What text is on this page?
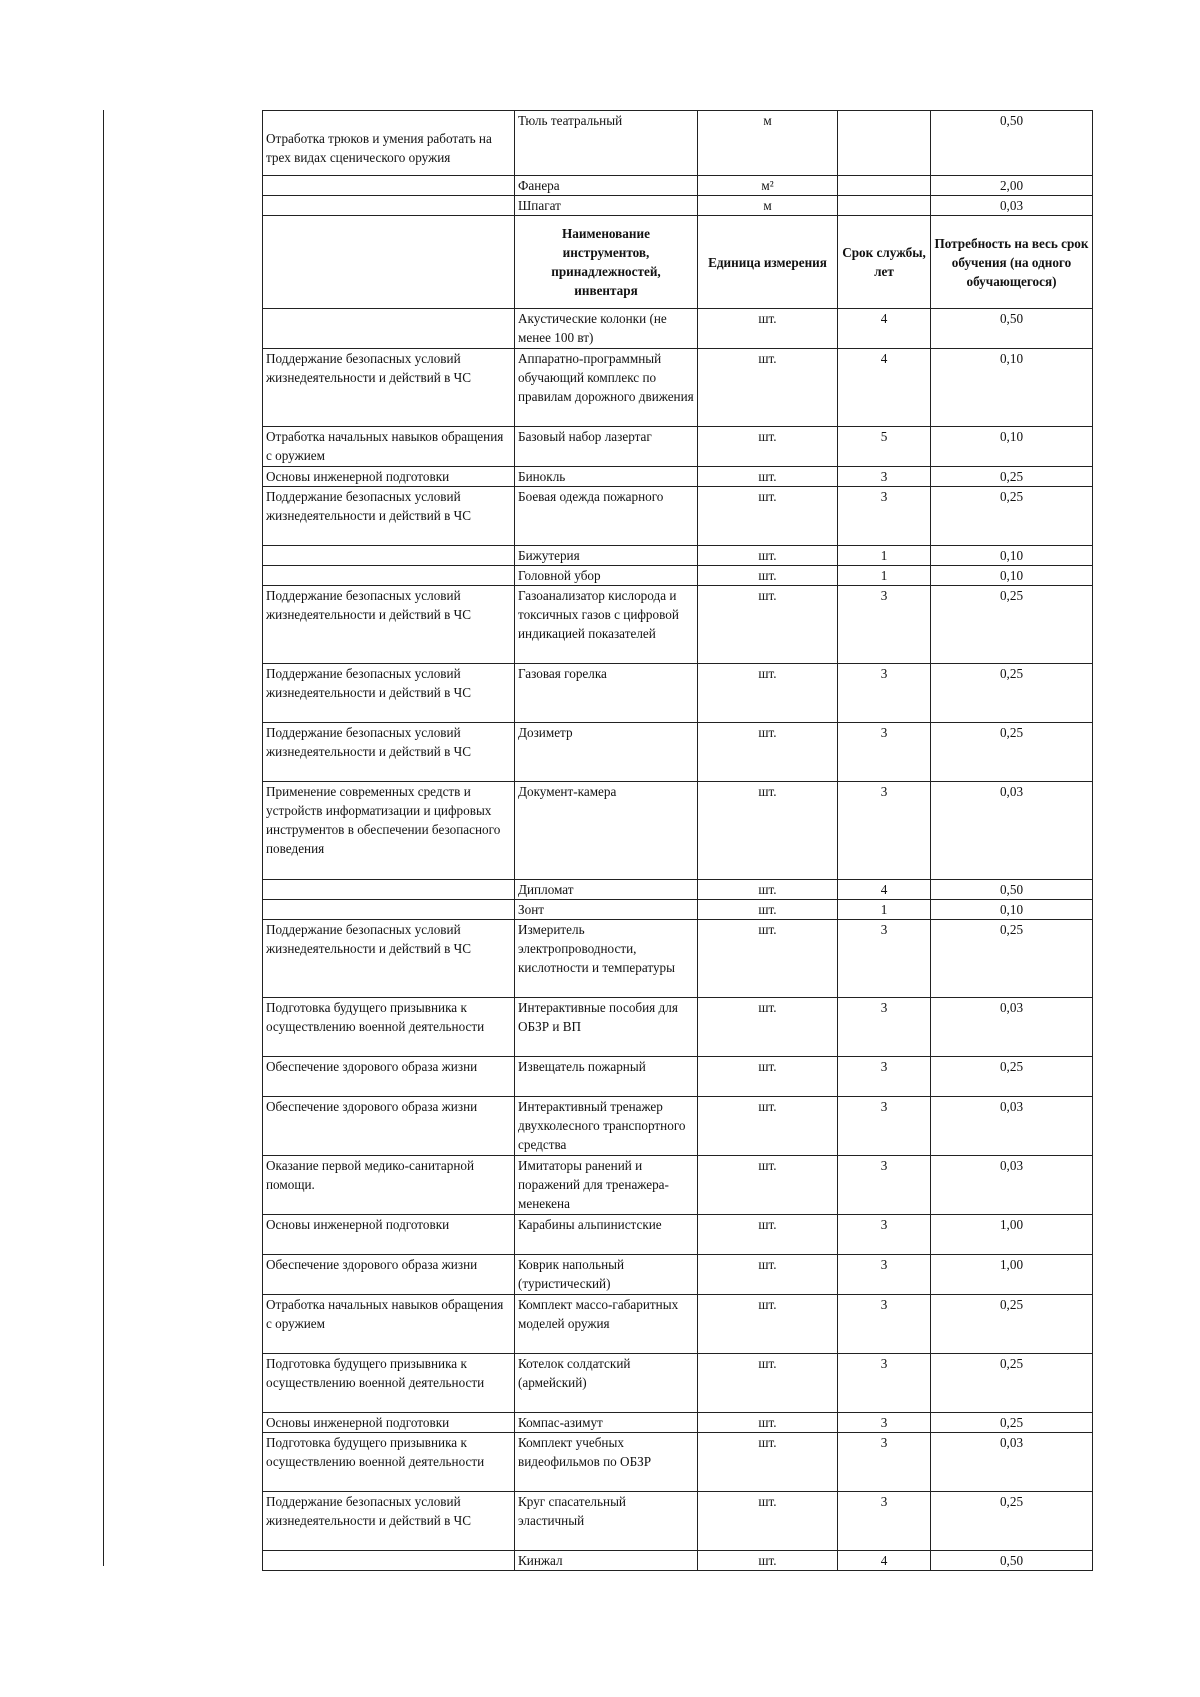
Отработка трюков и умения работать на трех видах сценического оружия	Тюль театральный	м		0,50
	Фанера	м²		2,00
	Шпагат	м		0,03
	Наименование инструментов, принадлежностей, инвентаря	Единица измерения	Срок службы, лет	Потребность на весь срок обучения (на одного обучающегося)
	Акустические колонки (не менее 100 вт)	шт.	4	0,50
Поддержание безопасных условий жизнедеятельности и действий в ЧС	Аппаратно-программный обучающий комплекс по правилам дорожного движения	шт.	4	0,10
Отработка начальных навыков обращения с оружием	Базовый набор лазертаг	шт.	5	0,10
Основы инженерной подготовки	Бинокль	шт.	3	0,25
Поддержание безопасных условий жизнедеятельности и действий в ЧС	Боевая одежда пожарного	шт.	3	0,25
	Бижутерия	шт.	1	0,10
	Головной убор	шт.	1	0,10
Поддержание безопасных условий жизнедеятельности и действий в ЧС	Газоанализатор кислорода и токсичных газов с цифровой индикацией показателей	шт.	3	0,25
Поддержание безопасных условий жизнедеятельности и действий в ЧС	Газовая горелка	шт.	3	0,25
Поддержание безопасных условий жизнедеятельности и действий в ЧС	Дозиметр	шт.	3	0,25
Применение современных средств и устройств информатизации и цифровых инструментов в обеспечении безопасного поведения	Документ-камера	шт.	3	0,03
	Дипломат	шт.	4	0,50
	Зонт	шт.	1	0,10
Поддержание безопасных условий жизнедеятельности и действий в ЧС	Измеритель электропроводности, кислотности и температуры	шт.	3	0,25
Подготовка будущего призывника к осуществлению военной деятельности	Интерактивные пособия для ОБЗР и ВП	шт.	3	0,03
Обеспечение здорового образа жизни	Извещатель пожарный	шт.	3	0,25
Обеспечение здорового образа жизни	Интерактивный тренажер двухколесного транспортного средства	шт.	3	0,03
Оказание первой медико-санитарной помощи.	Имитаторы ранений и поражений для тренажера-менекена	шт.	3	0,03
Основы инженерной подготовки	Карабины альпинистские	шт.	3	1,00
Обеспечение здорового образа жизни	Коврик напольный (туристический)	шт.	3	1,00
Отработка начальных навыков обращения с оружием	Комплект массо-габаритных моделей оружия	шт.	3	0,25
Подготовка будущего призывника к осуществлению военной деятельности	Котелок солдатский (армейский)	шт.	3	0,25
Основы инженерной подготовки	Компас-азимут	шт.	3	0,25
Подготовка будущего призывника к осуществлению военной деятельности	Комплект учебных видеофильмов по ОБЗР	шт.	3	0,03
Поддержание безопасных условий жизнедеятельности и действий в ЧС	Круг спасательный эластичный	шт.	3	0,25
	Кинжал	шт.	4	0,50
